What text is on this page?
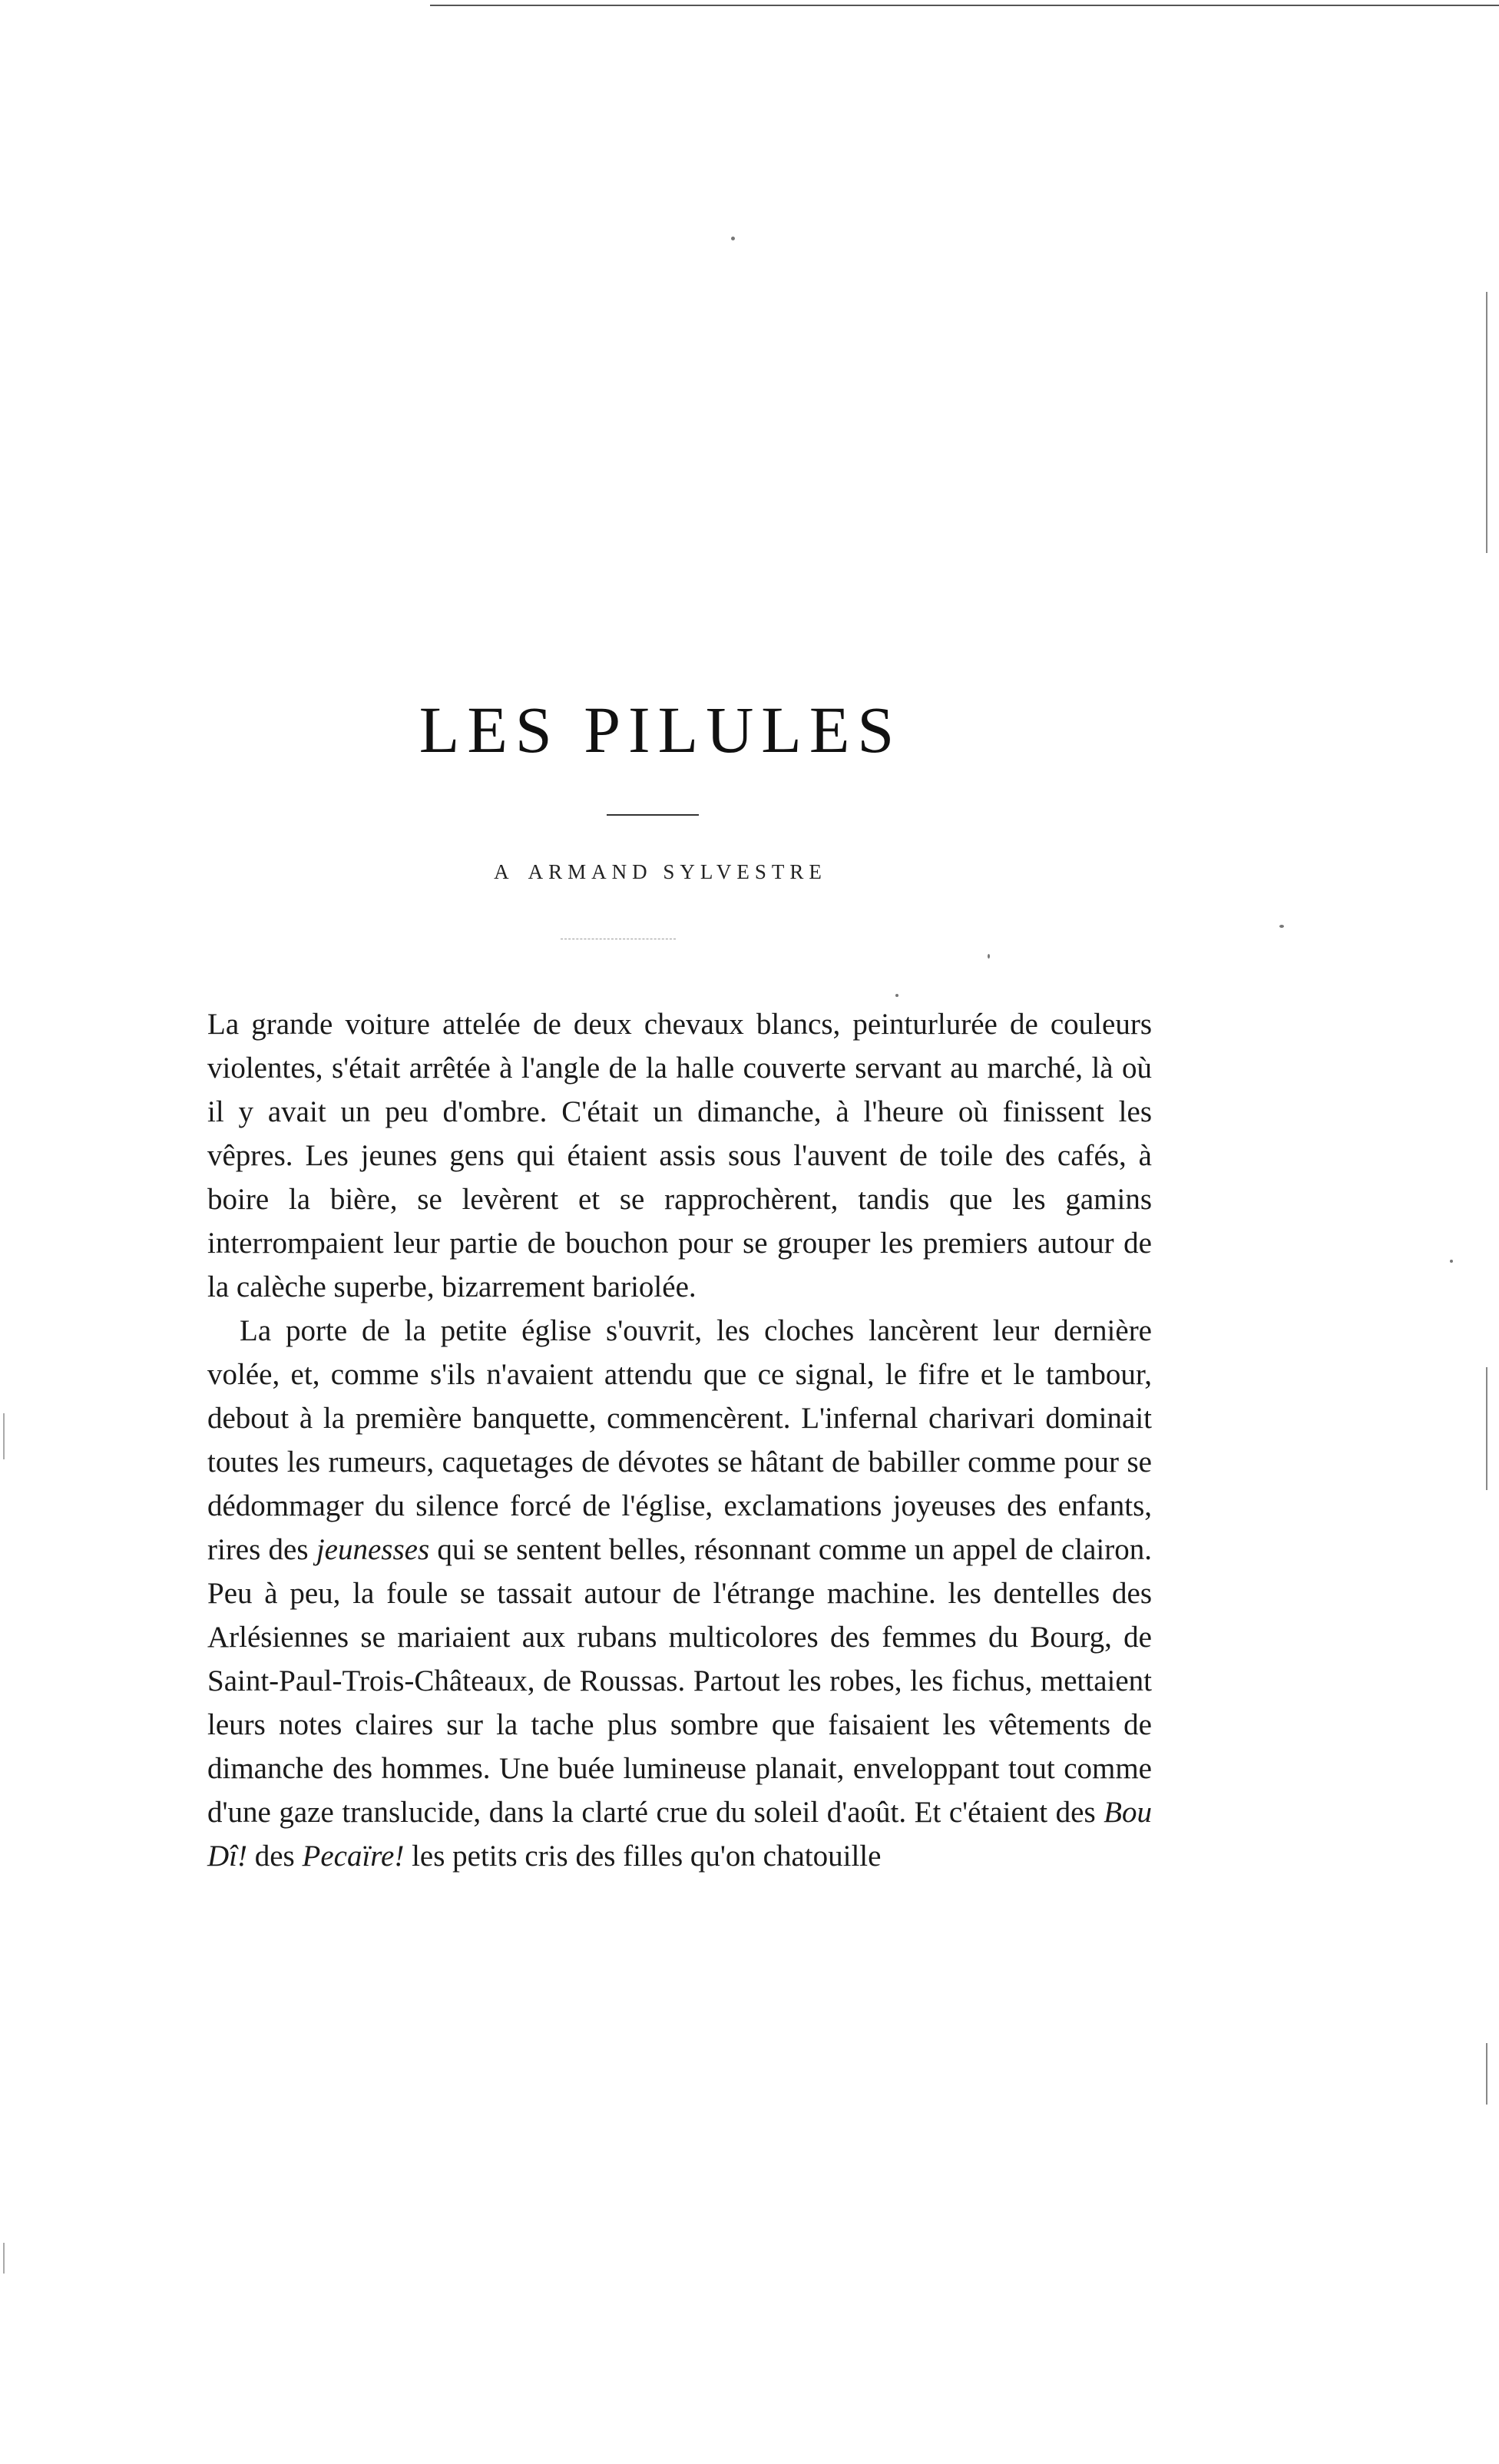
LES PILULES
A ARMAND SYLVESTRE

La grande voiture attelée de deux chevaux blancs, peinturlurée de couleurs violentes, s'était arrêtée à l'angle de la halle couverte servant au marché, là où il y avait un peu d'ombre. C'était un dimanche, à l'heure où finissent les vêpres. Les jeunes gens qui étaient assis sous l'auvent de toile des cafés, à boire la bière, se levèrent et se rapprochèrent, tandis que les gamins interrompaient leur partie de bouchon pour se grouper les premiers autour de la calèche superbe, bizarrement bariolée.

La porte de la petite église s'ouvrit, les cloches lancèrent leur dernière volée, et, comme s'ils n'avaient attendu que ce signal, le fifre et le tambour, debout à la première banquette, commencèrent. L'infernal charivari dominait toutes les rumeurs, caquetages de dévotes se hâtant de babiller comme pour se dédommager du silence forcé de l'église, exclamations joyeuses des enfants, rires des jeunesses qui se sentent belles, résonnant comme un appel de clairon. Peu à peu, la foule se tassait autour de l'étrange machine. les dentelles des Arlésiennes se mariaient aux rubans multicolores des femmes du Bourg, de Saint-Paul-Trois-Châteaux, de Roussas. Partout les robes, les fichus, mettaient leurs notes claires sur la tache plus sombre que faisaient les vêtements de dimanche des hommes. Une buée lumineuse planait, enveloppant tout comme d'une gaze translucide, dans la clarté crue du soleil d'août. Et c'étaient des Bou Dî! des Pecaïre! les petits cris des filles qu'on chatouille
